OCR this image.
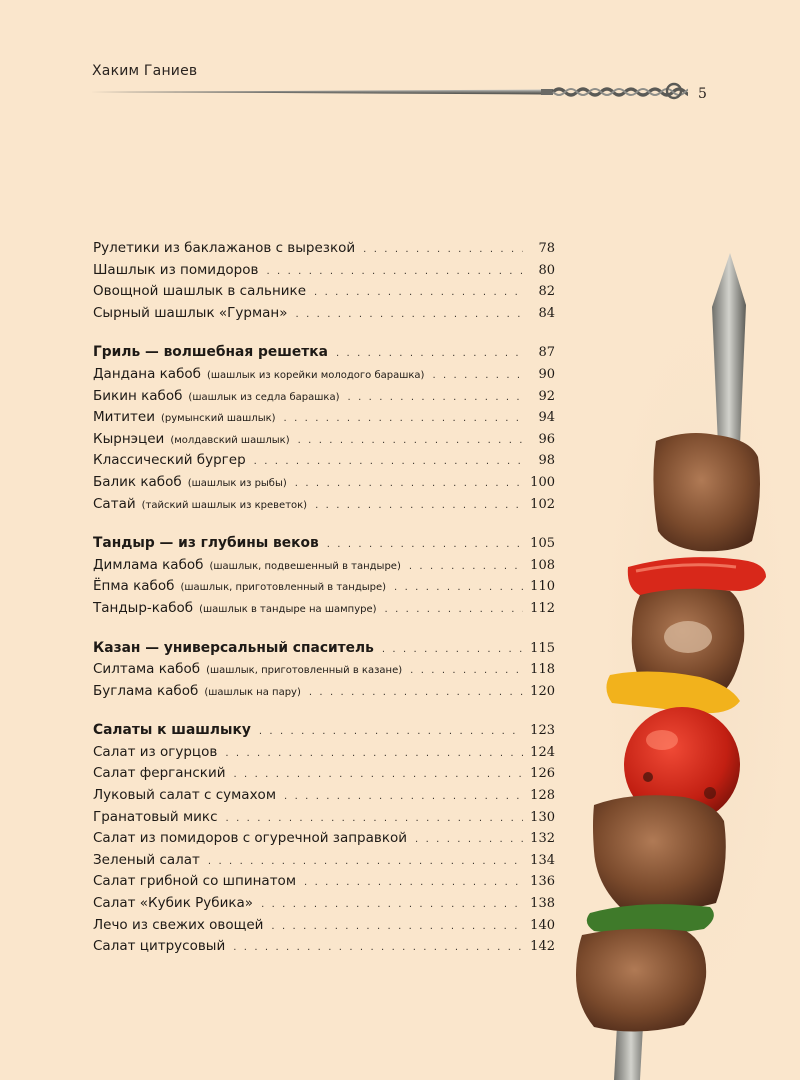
Хаким Ганиев
5
Рулетики из баклажанов с вырезкой . . .	78
Шашлык из помидоров . . .	80
Овощной шашлык в сальнике . . .	82
Сырный шашлык «Гурман» . . .	84
Гриль — волшебная решетка . . .	87
Дандана кабоб (шашлык из корейки молодого барашка) . . .	90
Бикин кабоб (шашлык из седла барашка) . . .	92
Мититеи (румынский шашлык) . . .	94
Кырнэцеи (молдавский шашлык) . . .	96
Классический бургер . . .	98
Балик кабоб (шашлык из рыбы) . . .	100
Сатай (тайский шашлык из креветок) . . .	102
Тандыр — из глубины веков . . .	105
Димлама кабоб (шашлык, подвешенный в тандыре) . . .	108
Ёпма кабоб (шашлык, приготовленный в тандыре) . . .	110
Тандыр-кабоб (шашлык в тандыре на шампуре) . . .	112
Казан — универсальный спаситель . . .	115
Силтама кабоб (шашлык, приготовленный в казане) . . .	118
Буглама кабоб (шашлык на пару) . . .	120
Салаты к шашлыку . . .	123
Салат из огурцов . . .	124
Салат ферганский . . .	126
Луковый салат с сумахом . . .	128
Гранатовый микс . . .	130
Салат из помидоров с огуречной заправкой . . .	132
Зеленый салат . . .	134
Салат грибной со шпинатом . . .	136
Салат «Кубик Рубика» . . .	138
Лечо из свежих овощей . . .	140
Салат цитрусовый . . .	142
